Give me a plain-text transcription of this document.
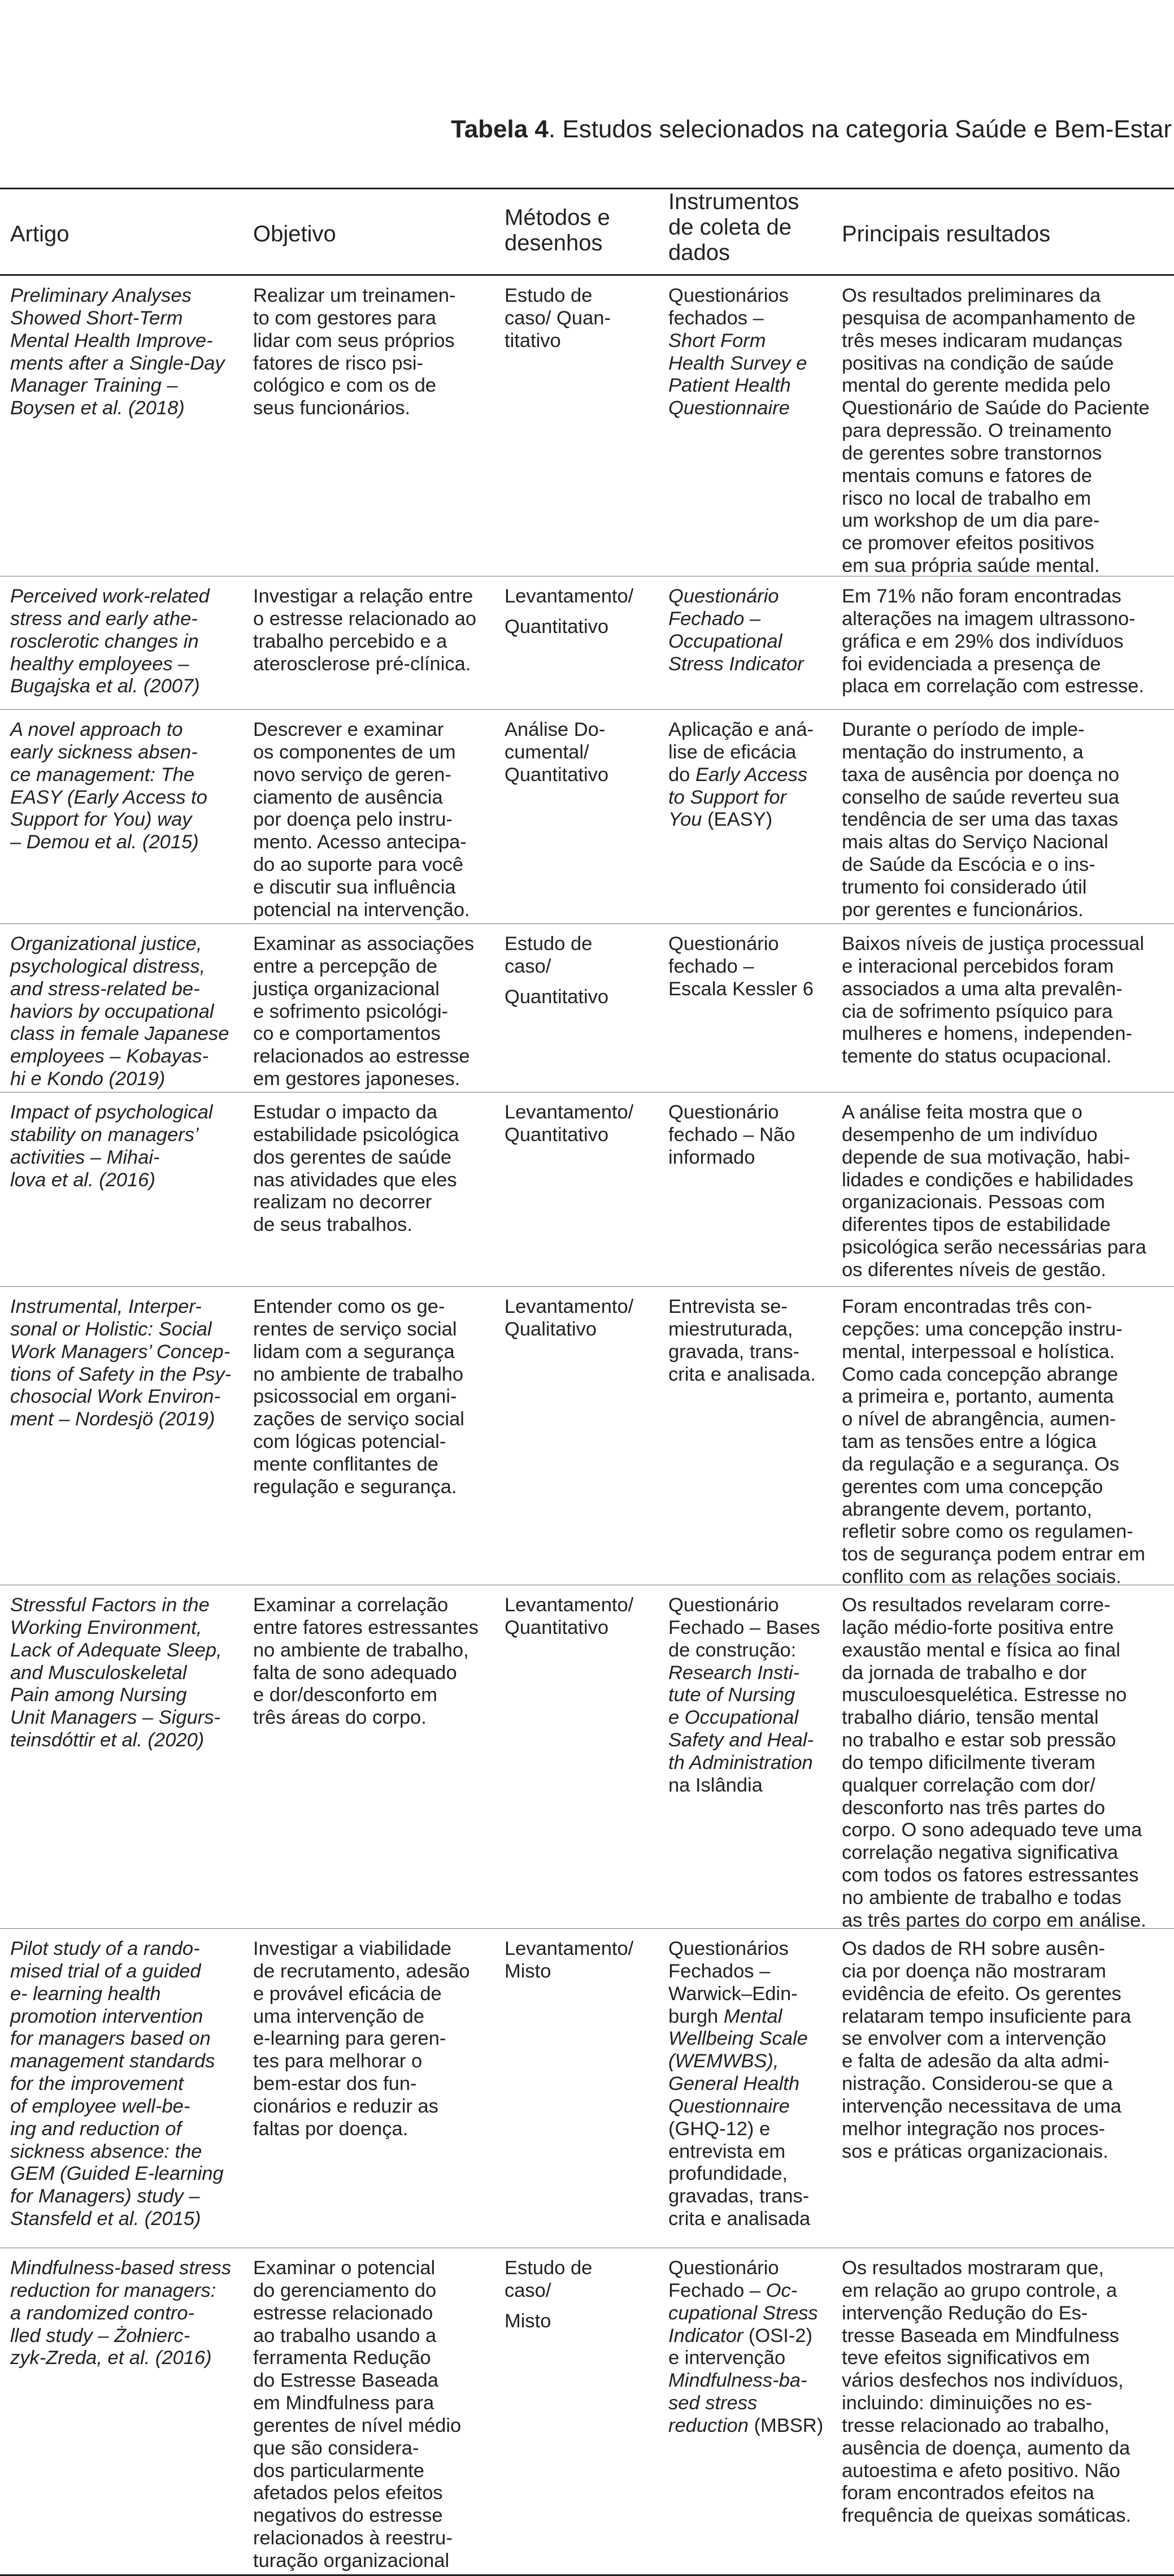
Tabela 4. Estudos selecionados na categoria Saúde e Bem-Estar
Artigo	Objetivo
Métodos e
desenhos
Instrumentos
de coleta de
dados
Principais resultados
Preliminary Analyses
Showed Short-Term
Mental Health Improve-
ments after a Single-Day
Manager Training –
Boysen et al. (2018)
Realizar um treinamen-
to com gestores para
lidar com seus próprios
fatores de risco psi-
cológico e com os de
seus funcionários.
Estudo de
caso/ Quan-
titativo
Questionários
fechados –
Short Form
Health Survey e
Patient Health
Questionnaire
Os resultados preliminares da
pesquisa de acompanhamento de
três meses indicaram mudanças
positivas na condição de saúde
mental do gerente medida pelo
Questionário de Saúde do Paciente
para depressão. O treinamento
de gerentes sobre transtornos
mentais comuns e fatores de
risco no local de trabalho em
um workshop de um dia pare-
ce promover efeitos positivos
em sua própria saúde mental.
Perceived work-related
stress and early athe-
rosclerotic changes in
healthy employees –
Bugajska et al. (2007)
Investigar a relação entre
o estresse relacionado ao
trabalho percebido e a
aterosclerose pré-clínica.
Levantamento/
Quantitativo
Questionário
Fechado –
Occupational
Stress Indicator
Em 71% não foram encontradas
alterações na imagem ultrassono-
gráfica e em 29% dos indivíduos
foi evidenciada a presença de
placa em correlação com estresse.
A novel approach to
early sickness absen-
ce management: The
EASY (Early Access to
Support for You) way
– Demou et al. (2015)
Descrever e examinar
os componentes de um
novo serviço de geren-
ciamento de ausência
por doença pelo instru-
mento. Acesso antecipa-
do ao suporte para você
e discutir sua influência
potencial na intervenção.
Análise Do-
cumental/
Quantitativo
Aplicação e aná-
lise de eficácia
do Early Access
to Support for
You (EASY)
Durante o período de imple-
mentação do instrumento, a
taxa de ausência por doença no
conselho de saúde reverteu sua
tendência de ser uma das taxas
mais altas do Serviço Nacional
de Saúde da Escócia e o ins-
trumento foi considerado útil
por gerentes e funcionários.
Organizational justice,
psychological distress,
and stress-related be-
haviors by occupational
class in female Japanese
employees – Kobayas-
hi e Kondo (2019)
Examinar as associações
entre a percepção de
justiça organizacional
e sofrimento psicológi-
co e comportamentos
relacionados ao estresse
em gestores japoneses.
Estudo de
caso/
Quantitativo
Questionário
fechado –
Escala Kessler 6
Baixos níveis de justiça processual
e interacional percebidos foram
associados a uma alta prevalên-
cia de sofrimento psíquico para
mulheres e homens, independen-
temente do status ocupacional.
Impact of psychological
stability on managers’
activities – Mihai-
lova et al. (2016)
Estudar o impacto da
estabilidade psicológica
dos gerentes de saúde
nas atividades que eles
realizam no decorrer
de seus trabalhos.
Levantamento/
Quantitativo
Questionário
fechado – Não
informado
A análise feita mostra que o
desempenho de um indivíduo
depende de sua motivação, habi-
lidades e condições e habilidades
organizacionais. Pessoas com
diferentes tipos de estabilidade
psicológica serão necessárias para
os diferentes níveis de gestão.
Instrumental, Interper-
sonal or Holistic: Social
Work Managers’ Concep-
tions of Safety in the Psy-
chosocial Work Environ-
ment – Nordesjö (2019)
Entender como os ge-
rentes de serviço social
lidam com a segurança
no ambiente de trabalho
psicossocial em organi-
zações de serviço social
com lógicas potencial-
mente conflitantes de
regulação e segurança.
Levantamento/
Qualitativo
Entrevista se-
miestruturada,
gravada, trans-
crita e analisada.
Foram encontradas três con-
cepções: uma concepção instru-
mental, interpessoal e holística.
Como cada concepção abrange
a primeira e, portanto, aumenta
o nível de abrangência, aumen-
tam as tensões entre a lógica
da regulação e a segurança. Os
gerentes com uma concepção
abrangente devem, portanto,
refletir sobre como os regulamen-
tos de segurança podem entrar em
conflito com as relações sociais.
Stressful Factors in the
Working Environment,
Lack of Adequate Sleep,
and Musculoskeletal
Pain among Nursing
Unit Managers – Sigurs-
teinsdóttir et al. (2020)
Examinar a correlação
entre fatores estressantes
no ambiente de trabalho,
falta de sono adequado
e dor/desconforto em
três áreas do corpo.
Levantamento/
Quantitativo
Questionário
Fechado – Bases
de construção:
Research Insti-
tute of Nursing
e Occupational
Safety and Heal-
th Administration
na Islândia
Os resultados revelaram corre-
lação médio-forte positiva entre
exaustão mental e física ao final
da jornada de trabalho e dor
musculoesquelética. Estresse no
trabalho diário, tensão mental
no trabalho e estar sob pressão
do tempo dificilmente tiveram
qualquer correlação com dor/
desconforto nas três partes do
corpo. O sono adequado teve uma
correlação negativa significativa
com todos os fatores estressantes
no ambiente de trabalho e todas
as três partes do corpo em análise.
Pilot study of a rando-
mised trial of a guided
e- learning health
promotion intervention
for managers based on
management standards
for the improvement
of employee well-be-
ing and reduction of
sickness absence: the
GEM (Guided E-learning
for Managers) study –
Stansfeld et al. (2015)
Investigar a viabilidade
de recrutamento, adesão
e provável eficácia de
uma intervenção de
e-learning para geren-
tes para melhorar o
bem-estar dos fun-
cionários e reduzir as
faltas por doença.
Levantamento/
Misto
Questionários
Fechados –
Warwick–Edin-
burgh Mental
Wellbeing Scale
(WEMWBS),
General Health
Questionnaire
(GHQ-12) e
entrevista em
profundidade,
gravadas, trans-
crita e analisada
Os dados de RH sobre ausên-
cia por doença não mostraram
evidência de efeito. Os gerentes
relataram tempo insuficiente para
se envolver com a intervenção
e falta de adesão da alta admi-
nistração. Considerou-se que a
intervenção necessitava de uma
melhor integração nos proces-
sos e práticas organizacionais.
Mindfulness-based stress
reduction for managers:
a randomized contro-
lled study – Żołnierc-
zyk-Zreda, et al. (2016)
Examinar o potencial
do gerenciamento do
estresse relacionado
ao trabalho usando a
ferramenta Redução
do Estresse Baseada
em Mindfulness para
gerentes de nível médio
que são considera-
dos particularmente
afetados pelos efeitos
negativos do estresse
relacionados à reestru-
turação organizacional
Estudo de
caso/
Misto
Questionário
Fechado – Oc-
cupational Stress
Indicator (OSI-2)
e intervenção
Mindfulness-ba-
sed stress
reduction (MBSR)
Os resultados mostraram que,
em relação ao grupo controle, a
intervenção Redução do Es-
tresse Baseada em Mindfulness
teve efeitos significativos em
vários desfechos nos indivíduos,
incluindo: diminuições no es-
tresse relacionado ao trabalho,
ausência de doença, aumento da
autoestima e afeto positivo. Não
foram encontrados efeitos na
frequência de queixas somáticas.
